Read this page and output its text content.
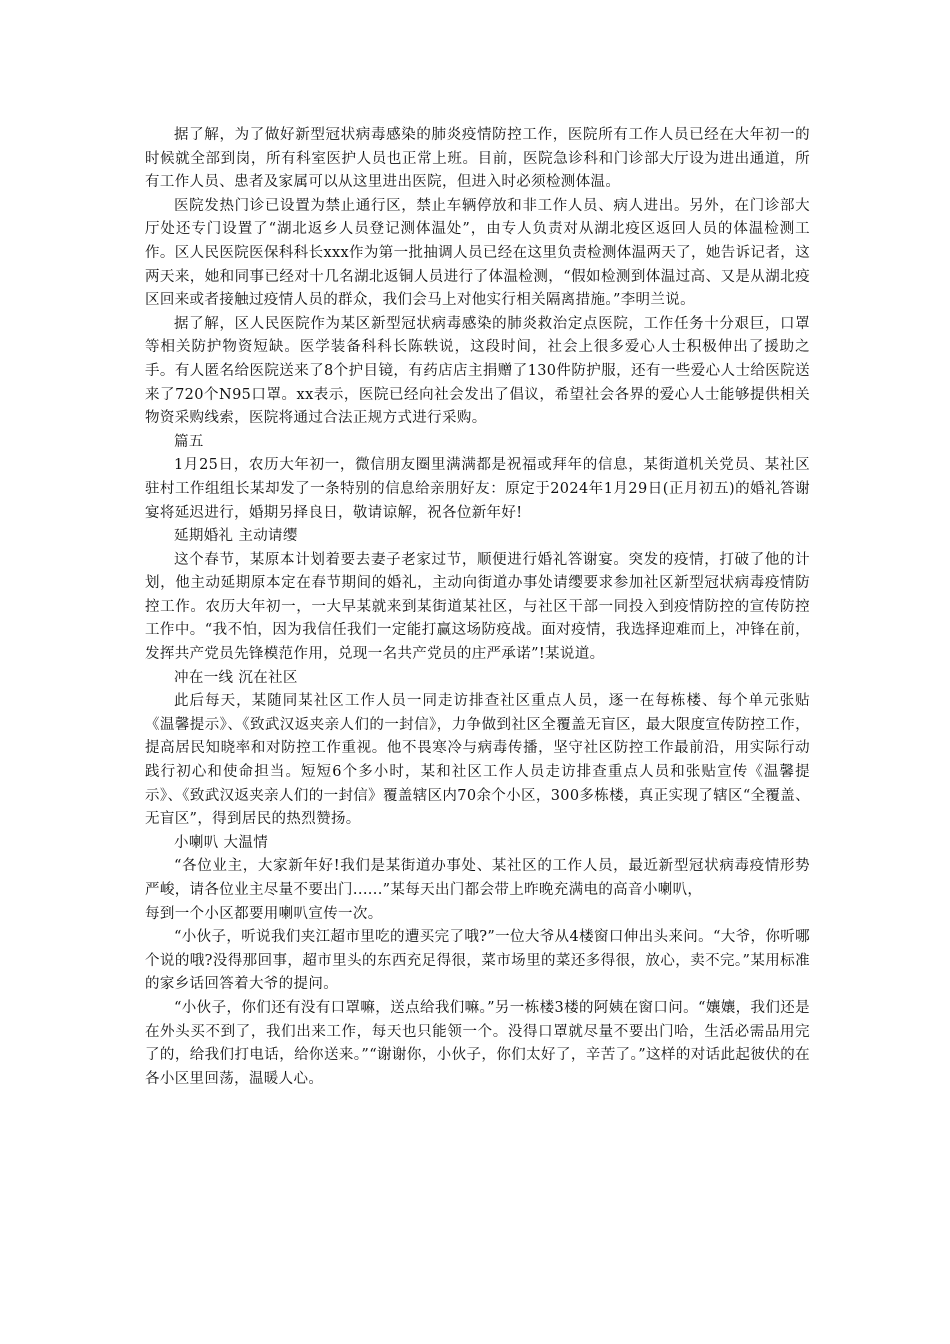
据了解，为了做好新型冠状病毒感染的肺炎疫情防控工作，医院所有工作人员已经在大年初一的时候就全部到岗，所有科室医护人员也正常上班。目前，医院急诊科和门诊部大厅设为进出通道，所有工作人员、患者及家属可以从这里进出医院，但进入时必须检测体温。

医院发热门诊已设置为禁止通行区，禁止车辆停放和非工作人员、病人进出。另外，在门诊部大厅处还专门设置了“湖北返乡人员登记测体温处”，由专人负责对从湖北疫区返回人员的体温检测工作。区人民医院医保科科长xxx作为第一批抽调人员已经在这里负责检测体温两天了，她告诉记者，这两天来，她和同事已经对十几名湖北返铜人员进行了体温检测，“假如检测到体温过高、又是从湖北疫区回来或者接触过疫情人员的群众，我们会马上对他实行相关隔离措施。”李明兰说。

据了解，区人民医院作为某区新型冠状病毒感染的肺炎救治定点医院，工作任务十分艰巨，口罩等相关防护物资短缺。医学装备科科长陈轶说，这段时间，社会上很多爱心人士积极伸出了援助之手。有人匿名给医院送来了8个护目镜，有药店店主捐赠了130件防护服，还有一些爱心人士给医院送来了720个N95口罩。xx表示，医院已经向社会发出了倡议，希望社会各界的爱心人士能够提供相关物资采购线索，医院将通过合法正规方式进行采购。

篇五

1月25日，农历大年初一，微信朋友圈里满满都是祝福或拜年的信息，某街道机关党员、某社区驻村工作组组长某却发了一条特别的信息给亲朋好友：原定于2024年1月29日(正月初五)的婚礼答谢宴将延迟进行，婚期另择良日，敬请谅解，祝各位新年好!

延期婚礼 主动请缨

这个春节，某原本计划着要去妻子老家过节，顺便进行婚礼答谢宴。突发的疫情，打破了他的计划，他主动延期原本定在春节期间的婚礼，主动向街道办事处请缨要求参加社区新型冠状病毒疫情防控工作。农历大年初一，一大早某就来到某街道某社区，与社区干部一同投入到疫情防控的宣传防控工作中。“我不怕，因为我信任我们一定能打赢这场防疫战。面对疫情，我选择迎难而上，冲锋在前，发挥共产党员先锋模范作用，兑现一名共产党员的庄严承诺”!某说道。

冲在一线 沉在社区

此后每天，某随同某社区工作人员一同走访排查社区重点人员，逐一在每栋楼、每个单元张贴《温馨提示》、《致武汉返夹亲人们的一封信》，力争做到社区全覆盖无盲区，最大限度宣传防控工作，提高居民知晓率和对防控工作重视。他不畏寒冷与病毒传播，坚守社区防控工作最前沿，用实际行动践行初心和使命担当。短短6个多小时，某和社区工作人员走访排查重点人员和张贴宣传《温馨提示》、《致武汉返夹亲人们的一封信》覆盖辖区内70余个小区，300多栋楼，真正实现了辖区“全覆盖、无盲区”，得到居民的热烈赞扬。

小喇叭 大温情

“各位业主，大家新年好!我们是某街道办事处、某社区的工作人员，最近新型冠状病毒疫情形势严峻，请各位业主尽量不要出门......”某每天出门都会带上昨晚充满电的高音小喇叭，
每到一个小区都要用喇叭宣传一次。

“小伙子，听说我们夹江超市里吃的遭买完了哦?”一位大爷从4楼窗口伸出头来问。“大爷，你听哪个说的哦?没得那回事，超市里头的东西充足得很，菜市场里的菜还多得很，放心，卖不完。”某用标准的家乡话回答着大爷的提问。

“小伙子，你们还有没有口罩嘛，送点给我们嘛。”另一栋楼3楼的阿姨在窗口问。“孃孃，我们还是在外头买不到了，我们出来工作，每天也只能领一个。没得口罩就尽量不要出门哈，生活必需品用完了的，给我们打电话，给你送来。”“谢谢你，小伙子，你们太好了，辛苦了。”这样的对话此起彼伏的在各小区里回荡，温暖人心。
